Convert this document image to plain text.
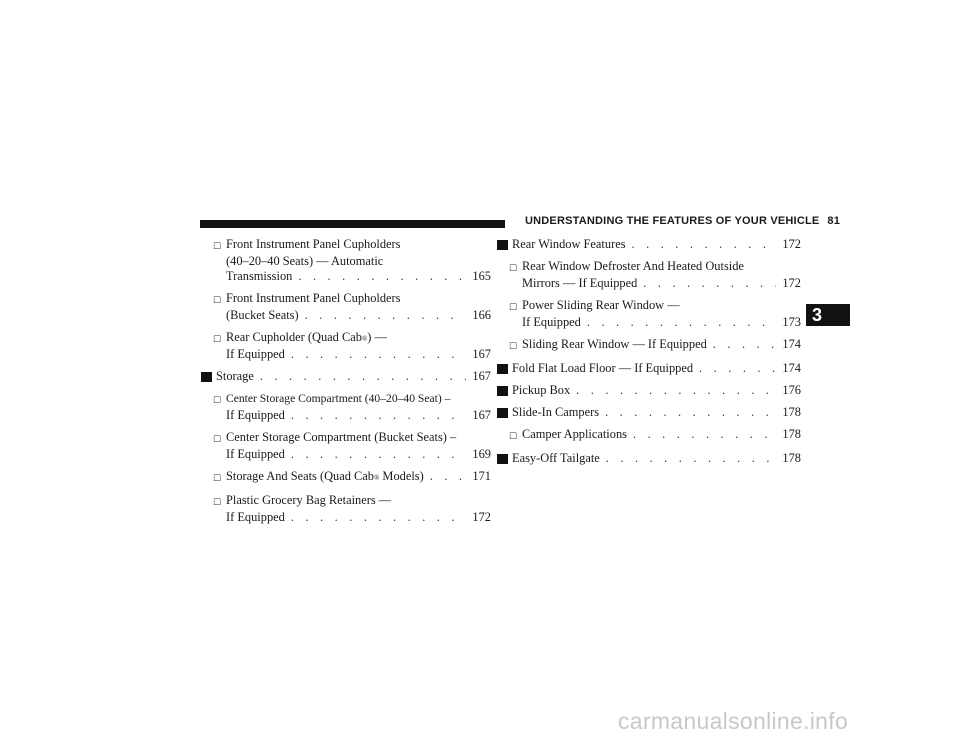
UNDERSTANDING THE FEATURES OF YOUR VEHICLE 81
□ Front Instrument Panel Cupholders
(40–20–40 Seats) — Automatic
Transmission . . .	165
□ Front Instrument Panel Cupholders
(Bucket Seats) . . .	166
□ Rear Cupholder (Quad Cab ® ) —
If Equipped . . .	167
Storage . . .	167
□ Center Storage Compartment (40–20–40 Seat) –
If Equipped . . .	167
□ Center Storage Compartment (Bucket Seats) –
If Equipped . . .	169
□ Storage And Seats (Quad Cab ®
Models) . . .	171
□ Plastic Grocery Bag Retainers —
If Equipped . . .	172
Rear Window Features . . .	172
□ Rear Window Defroster And Heated Outside
Mirrors — If Equipped . . .	172
□ Power Sliding Rear Window —
If Equipped . . .	173
□ Sliding Rear Window — If Equipped . . .	174
Fold Flat Load Floor — If Equipped . . .	174
Pickup Box . . .	176
Slide-In Campers . . .	178
□ Camper Applications . . .	178
Easy-Off Tailgate . . .	178
3
carmanualsonline.info
